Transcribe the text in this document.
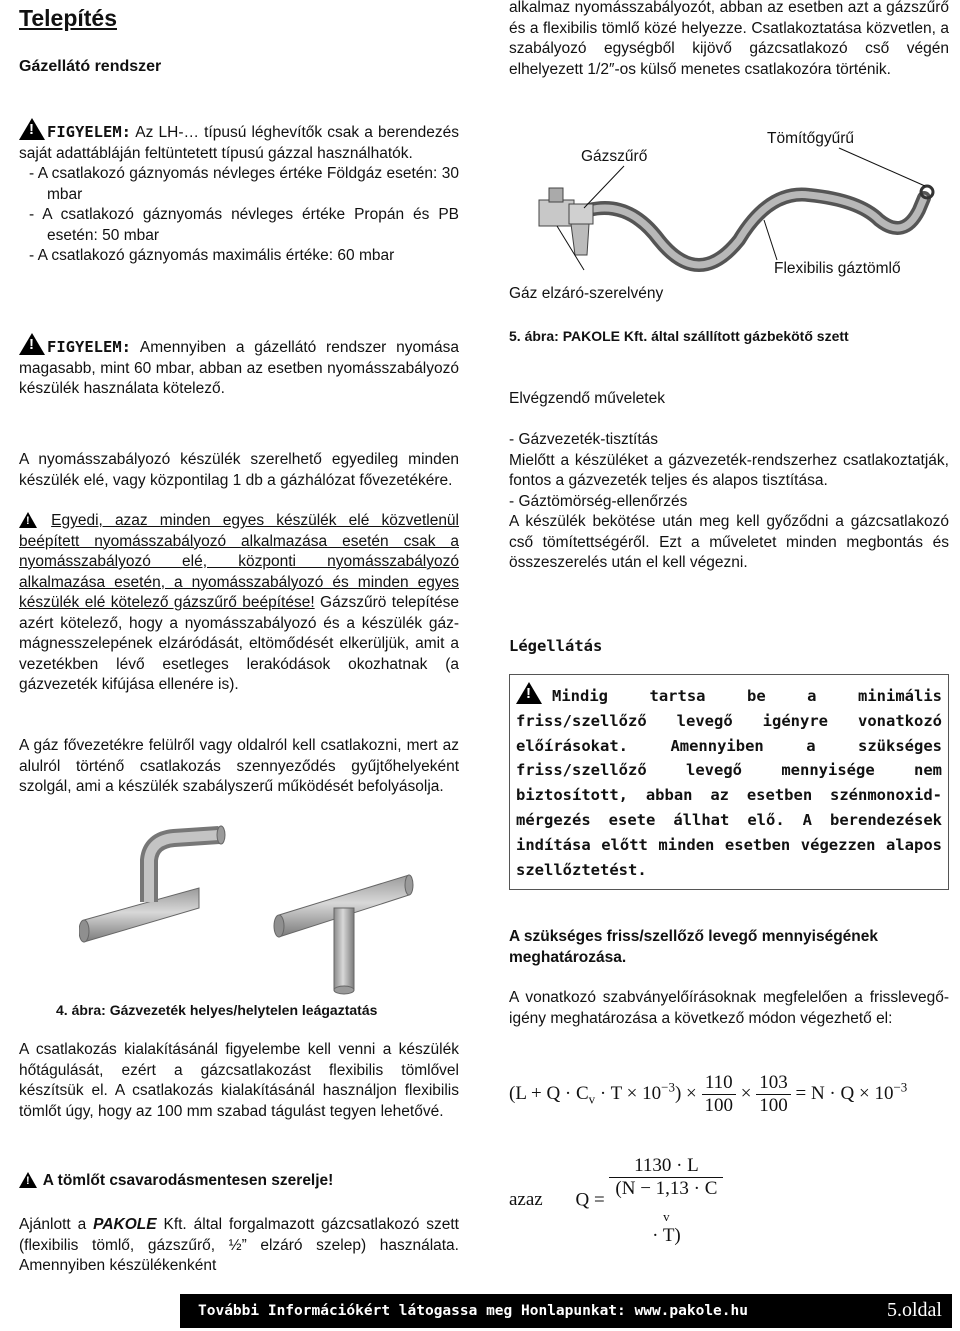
Telepítés
Gázellátó rendszer
!FIGYELEM: Az LH-… típusú léghevítők csak a berendezés saját adattábláján feltüntetett típusú gázzal használhatók.
- A csatlakozó gáznyomás névleges értéke Földgáz esetén: 30 mbar
- A csatlakozó gáznyomás névleges értéke Propán és PB esetén: 50 mbar
- A csatlakozó gáznyomás maximális értéke: 60 mbar
!FIGYELEM: Amennyiben a gázellátó rendszer nyomása magasabb, mint 60 mbar, abban az esetben nyomásszabályozó készülék használata kötelező.

A nyomásszabályozó készülék szerelhető egyedileg minden készülék elé, vagy központilag 1 db a gázhálózat fővezetékére.

! Egyedi, azaz minden egyes készülék elé közvetlenül beépített nyomásszabályozó alkalmazása esetén csak a nyomásszabályozó elé, központi nyomásszabályozó alkalmazása esetén, a nyomásszabályozó és minden egyes készülék elé kötelező gázszűrő beépítése! Gázszűrö telepítése azért kötelező, hogy a nyomásszabályozó és a készülék gáz-mágnesszelepének elzáródását, eltömődését elkerüljük, amit a vezetékben lévő esetleges lerakódások okozhatnak (a gázvezeték kifújása ellenére is).

A gáz fővezetékre felülről vagy oldalról kell csatlakozni, mert az alulról történő csatlakozás szennyeződés gyűjtőhelyeként szolgál, ami a készülék szabályszerű működését befolyásolja.

4. ábra: Gázvezeték helyes/helytelen leágaztatás

A csatlakozás kialakításánál figyelembe kell venni a készülék hőtágulását, ezért a gázcsatlakozást flexibilis tömlővel készítsük el. A csatlakozás kialakításánál használjon flexibilis tömlőt úgy, hogy az 100 mm szabad tágulást tegyen lehetővé.

! A tömlőt csavarodásmentesen szerelje!

Ajánlott a PAKOLE Kft. által forgalmazott gázcsatlakozó szett (flexibilis tömlő, gázszűrő, ½” elzáró szelep) használata. Amennyiben készülékenként

alkalmaz nyomásszabályozót, abban az esetben azt a gázszűrő és a flexibilis tömlő közé helyezze. Csatlakoztatása közvetlen, a szabályozó egységből kijövő gázcsatlakozó cső végén elhelyezett 1/2″-os külső menetes csatlakozóra történik.

Gázszűrő
Tömítőgyűrű
Gáz elzáró-szerelvény
Flexibilis gáztömlő
5. ábra: PAKOLE Kft. által szállított gázbekötő szett
Elvégzendő műveletek
- Gázvezeték-tisztítás
Mielőtt a készüléket a gázvezeték-rendszerhez csatlakoztatják, fontos a gázvezeték teljes és alapos tisztítása.
- Gáztömörség-ellenőrzés
A készülék bekötése után meg kell győződni a gázcsatlakozó cső tömítettségéről. Ezt a műveletet minden megbontás és összeszerelés után el kell végezni.
Légellátás

!Mindig tartsa be a minimális friss/szellőző levegő igényre vonatkozó előírásokat. Amennyiben a szükséges friss/szellőző levegő mennyisége nem biztosított, abban az esetben szénmonoxid-mérgezés esete állhat elő. A berendezések indítása előtt minden esetben végezzen alapos szellőztetést.

A szükséges friss/szellőző levegő mennyiségének meghatározása.

A vonatkozó szabványelőírásoknak megfelelően a frisslevegő-igény meghatározása a következő módon végezhető el:

$(L + Q \cdot C_v \cdot T \times 10^{-3}) \times \frac{110}{100} \times \frac{103}{100} = N \cdot Q \times 10^{-3}$
azaz Q = 1130 · L
(N − 1,13 · C
$_v$
· T)
További Információkért látogassa meg Honlapunkat: www.pakole.hu	5.oldal
